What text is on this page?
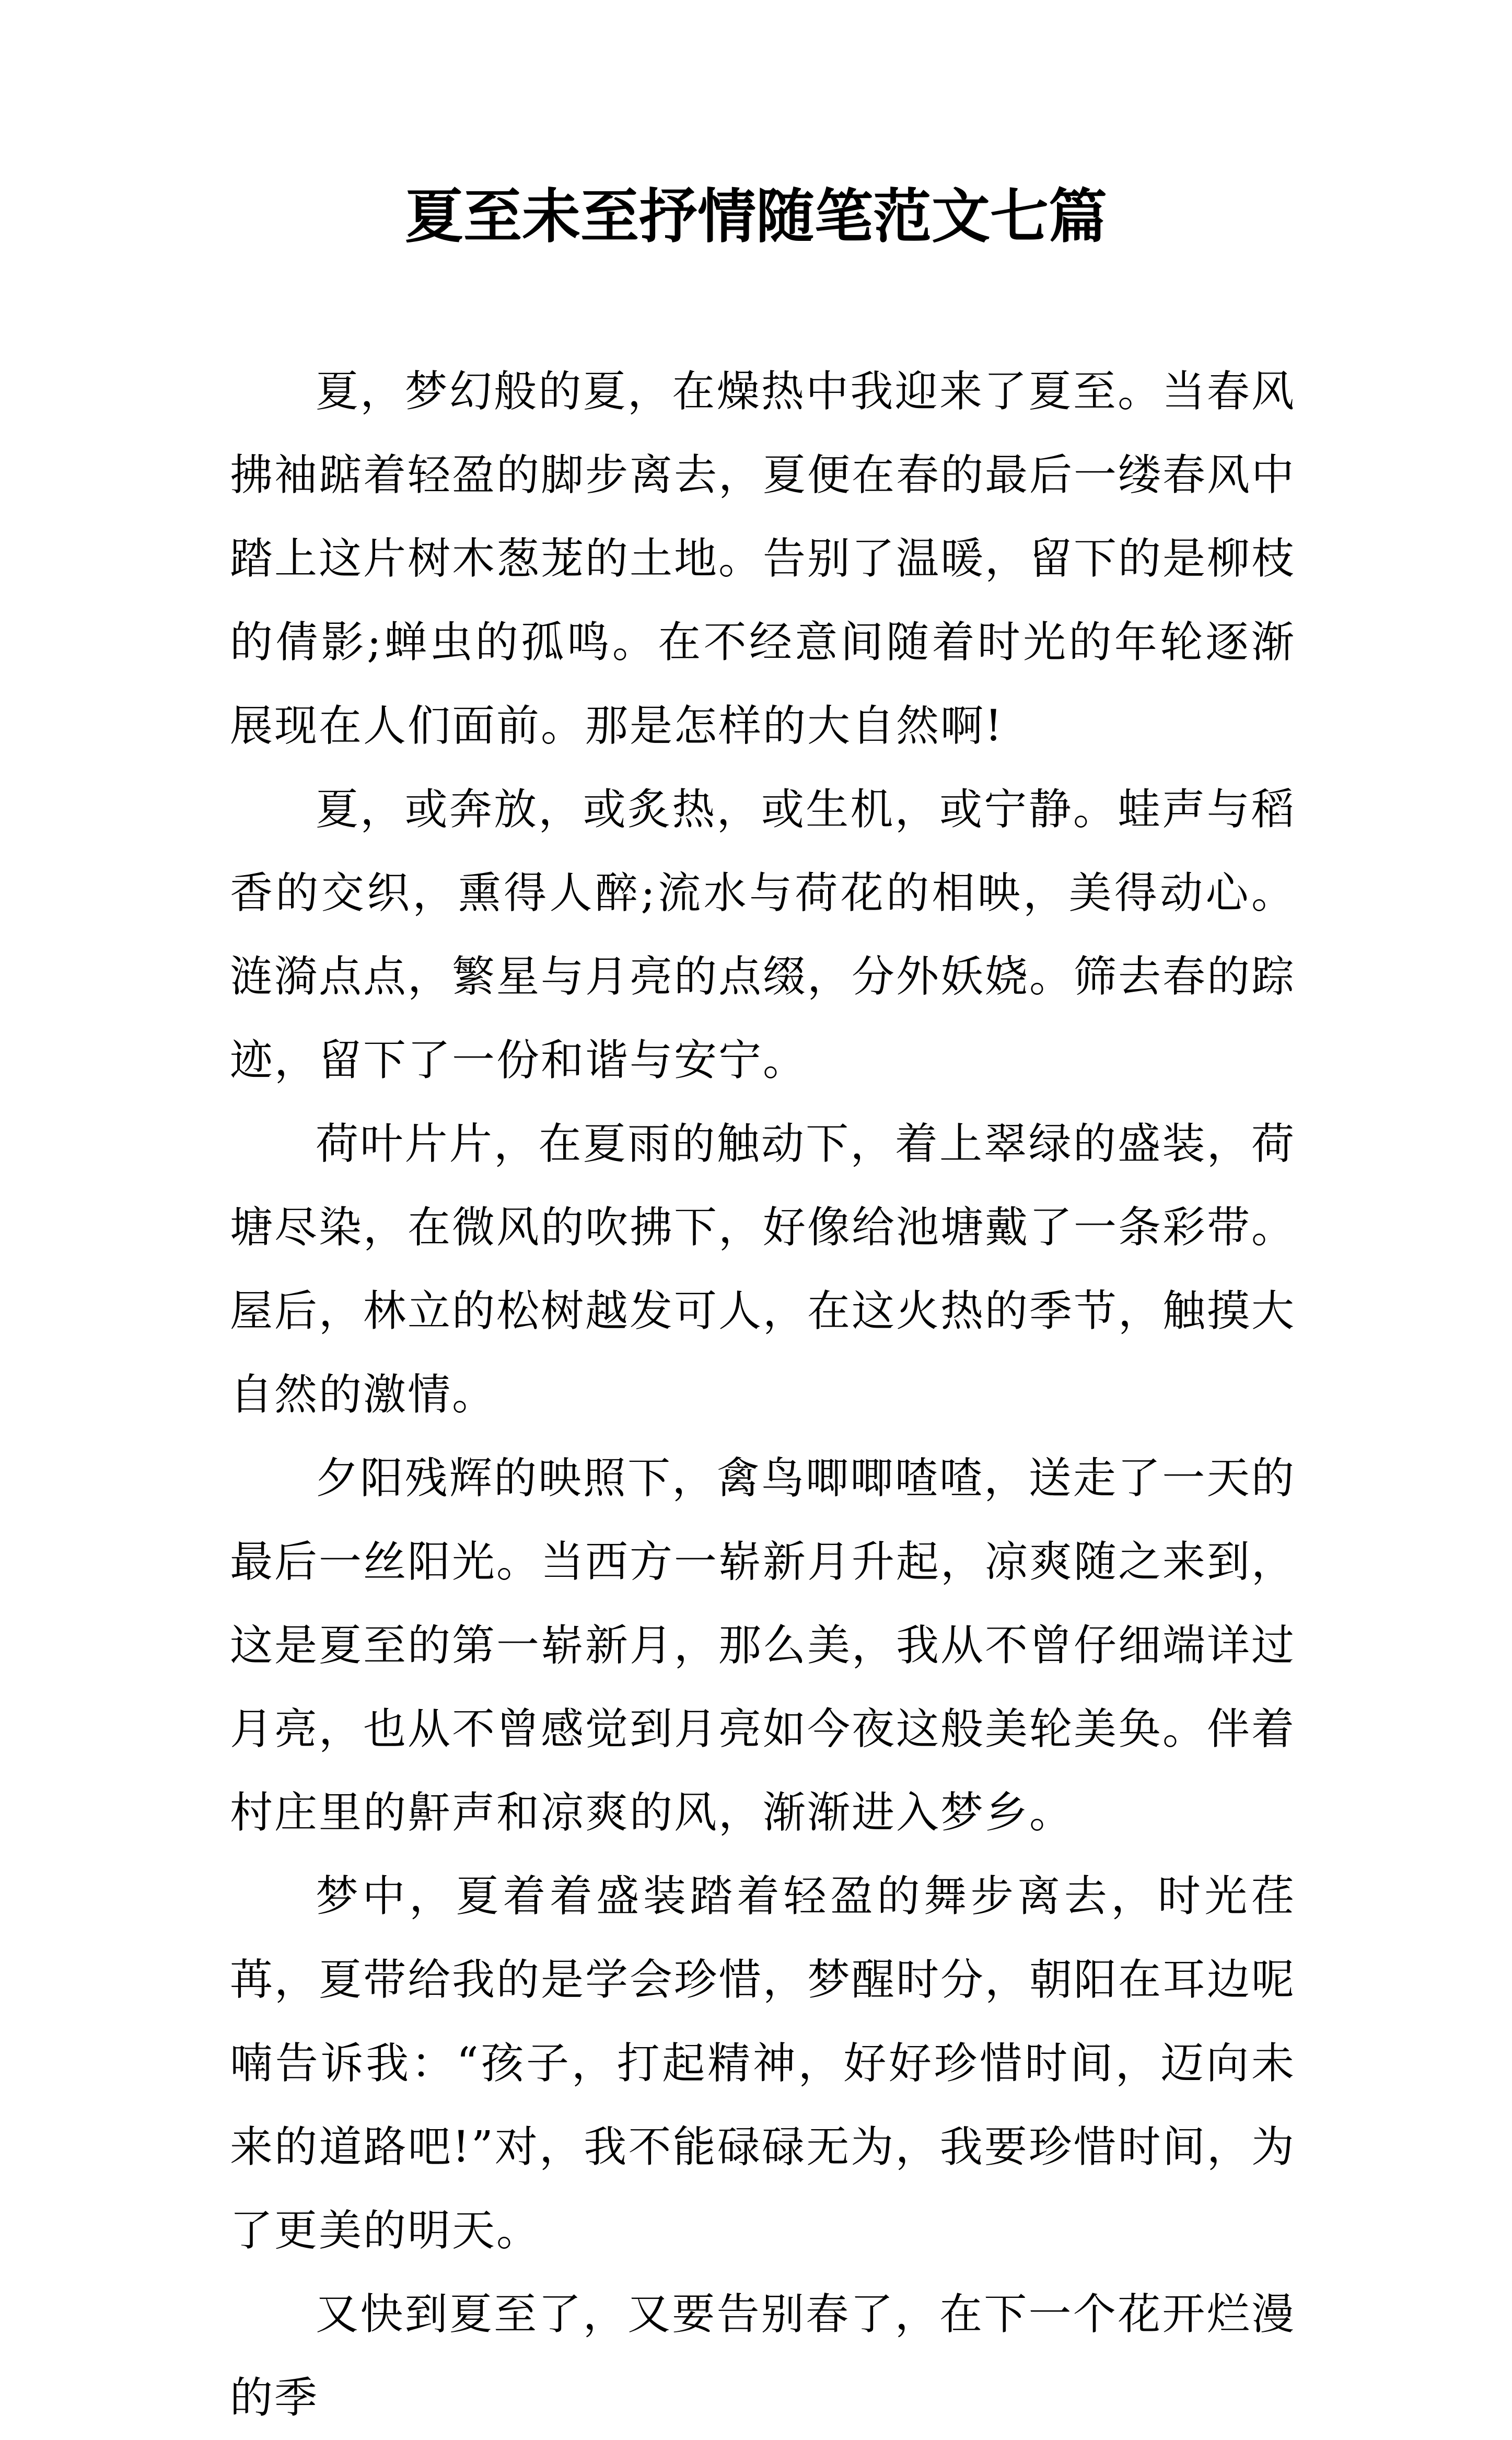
夏至未至抒情随笔范文七篇

夏，梦幻般的夏，在燥热中我迎来了夏至。当春风拂袖踮着轻盈的脚步离去，夏便在春的最后一缕春风中踏上这片树木葱茏的土地。告别了温暖，留下的是柳枝的倩影;蝉虫的孤鸣。在不经意间随着时光的年轮逐渐展现在人们面前。那是怎样的大自然啊!

夏，或奔放，或炙热，或生机，或宁静。蛙声与稻香的交织，熏得人醉;流水与荷花的相映，美得动心。涟漪点点，繁星与月亮的点缀，分外妖娆。筛去春的踪迹，留下了一份和谐与安宁。

荷叶片片，在夏雨的触动下，着上翠绿的盛装，荷塘尽染，在微风的吹拂下，好像给池塘戴了一条彩带。屋后，林立的松树越发可人，在这火热的季节，触摸大自然的激情。

夕阳残辉的映照下，禽鸟唧唧喳喳，送走了一天的最后一丝阳光。当西方一崭新月升起，凉爽随之来到，这是夏至的第一崭新月，那么美，我从不曾仔细端详过月亮，也从不曾感觉到月亮如今夜这般美轮美奂。伴着村庄里的鼾声和凉爽的风，渐渐进入梦乡。

梦中，夏着着盛装踏着轻盈的舞步离去，时光荏苒，夏带给我的是学会珍惜，梦醒时分，朝阳在耳边呢喃告诉我：“孩子，打起精神，好好珍惜时间，迈向未来的道路吧!”对，我不能碌碌无为，我要珍惜时间，为了更美的明天。

又快到夏至了，又要告别春了，在下一个花开烂漫的季
